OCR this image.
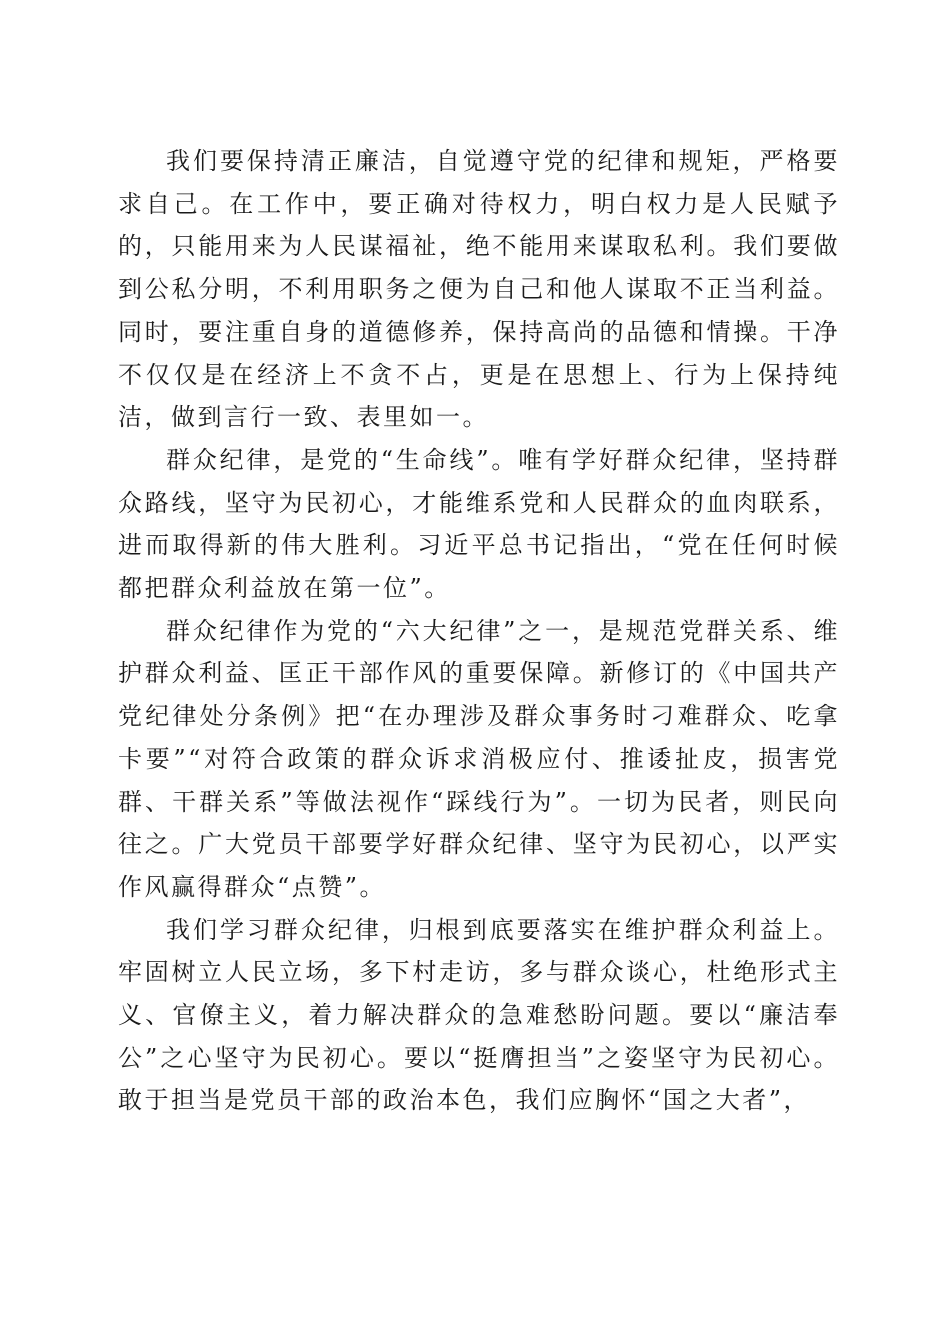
我们要保持清正廉洁，自觉遵守党的纪律和规矩，严格要求自己。在工作中，要正确对待权力，明白权力是人民赋予的，只能用来为人民谋福祉，绝不能用来谋取私利。我们要做到公私分明，不利用职务之便为自己和他人谋取不正当利益。同时，要注重自身的道德修养，保持高尚的品德和情操。干净不仅仅是在经济上不贪不占，更是在思想上、行为上保持纯洁，做到言行一致、表里如一。

群众纪律，是党的“生命线”。唯有学好群众纪律，坚持群众路线，坚守为民初心，才能维系党和人民群众的血肉联系，进而取得新的伟大胜利。习近平总书记指出，“党在任何时候都把群众利益放在第一位”。

群众纪律作为党的“六大纪律”之一，是规范党群关系、维护群众利益、匡正干部作风的重要保障。新修订的《中国共产党纪律处分条例》把“在办理涉及群众事务时刁难群众、吃拿卡要”“对符合政策的群众诉求消极应付、推诿扯皮，损害党群、干群关系”等做法视作“踩线行为”。一切为民者，则民向往之。广大党员干部要学好群众纪律、坚守为民初心，以严实作风赢得群众“点赞”。

我们学习群众纪律，归根到底要落实在维护群众利益上。牢固树立人民立场，多下村走访，多与群众谈心，杜绝形式主义、官僚主义，着力解决群众的急难愁盼问题。要以“廉洁奉公”之心坚守为民初心。要以“挺膺担当”之姿坚守为民初心。敢于担当是党员干部的政治本色，我们应胸怀“国之大者”，
